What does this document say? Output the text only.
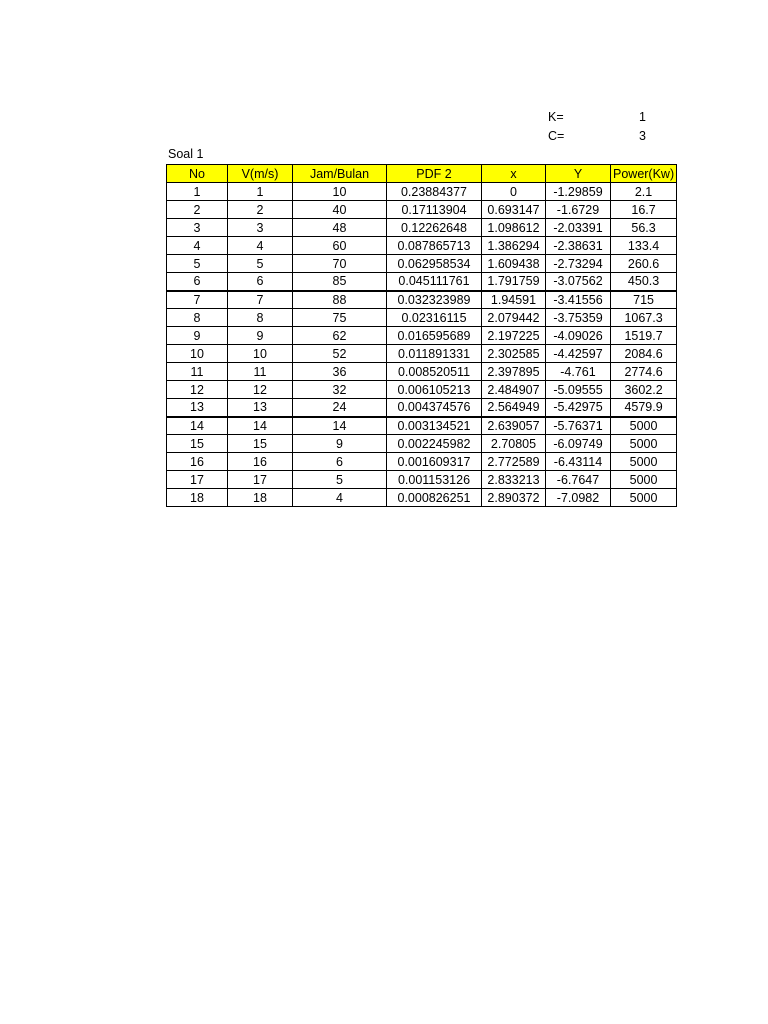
K=	1
C=	3
Soal 1
No	V(m/s)	Jam/Bulan	PDF 2	x	Y	Power(Kw)
1	1	10	0.23884377	0	-1.29859	2.1
2	2	40	0.17113904	0.693147	-1.6729	16.7
3	3	48	0.12262648	1.098612	-2.03391	56.3
4	4	60	0.087865713	1.386294	-2.38631	133.4
5	5	70	0.062958534	1.609438	-2.73294	260.6
6	6	85	0.045111761	1.791759	-3.07562	450.3
7	7	88	0.032323989	1.94591	-3.41556	715
8	8	75	0.02316115	2.079442	-3.75359	1067.3
9	9	62	0.016595689	2.197225	-4.09026	1519.7
10	10	52	0.011891331	2.302585	-4.42597	2084.6
11	11	36	0.008520511	2.397895	-4.761	2774.6
12	12	32	0.006105213	2.484907	-5.09555	3602.2
13	13	24	0.004374576	2.564949	-5.42975	4579.9
14	14	14	0.003134521	2.639057	-5.76371	5000
15	15	9	0.002245982	2.70805	-6.09749	5000
16	16	6	0.001609317	2.772589	-6.43114	5000
17	17	5	0.001153126	2.833213	-6.7647	5000
18	18	4	0.000826251	2.890372	-7.0982	5000
